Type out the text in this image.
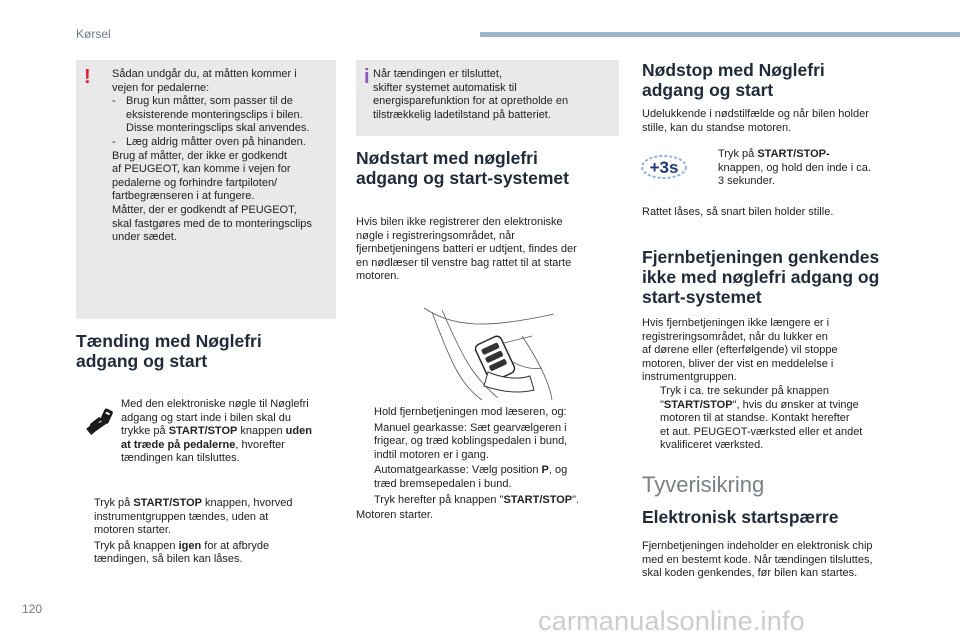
Kørsel
! Sådan undgår du, at måtten kommer i
vejen for pedalerne:
- Brug kun måtter, som passer til de
eksisterende monteringsclips i bilen.
Disse monteringsclips skal anvendes.
- Læg aldrig måtter oven på hinanden.
Brug af måtter, der ikke er godkendt
af PEUGEOT, kan komme i vejen for
pedalerne og forhindre fartpiloten/
fartbegrænseren i at fungere.
Måtter, der er godkendt af PEUGEOT,
skal fastgøres med de to monteringsclips
under sædet.
Tænding med Nøglefri
adgang og start
Med den elektroniske nøgle til Nøglefri
adgang og start inde i bilen skal du
trykke på START/STOP knappen uden
at træde på pedalerne, hvorefter
tændingen kan tilsluttes.
Tryk på START/STOP knappen, hvorved
instrumentgruppen tændes, uden at
motoren starter.
Tryk på knappen igen for at afbryde
tændingen, så bilen kan låses.
i Når tændingen er tilsluttet,
skifter systemet automatisk til
energisparefunktion for at opretholde en
tilstrækkelig ladetilstand på batteriet.
Nødstart med nøglefri
adgang og start-systemet
Hvis bilen ikke registrerer den elektroniske
nøgle i registreringsområdet, når
fjernbetjeningens batteri er udtjent, findes der
en nødlæser til venstre bag rattet til at starte
motoren.
Hold fjernbetjeningen mod læseren, og:
Manuel gearkasse: Sæt gearvælgeren i
frigear, og træd koblingspedalen i bund,
indtil motoren er i gang.
Automatgearkasse: Vælg position P, og
træd bremsepedalen i bund.
Tryk herefter på knappen "START/STOP".
Motoren starter.
Nødstop med Nøglefri
adgang og start
Udelukkende i nødstilfælde og når bilen holder
stille, kan du standse motoren.
+3s
Tryk på START/STOP-
knappen, og hold den inde i ca.
3 sekunder.
Rattet låses, så snart bilen holder stille.
Fjernbetjeningen genkendes
ikke med nøglefri adgang og
start-systemet
Hvis fjernbetjeningen ikke længere er i
registreringsområdet, når du lukker en
af dørene eller (efterfølgende) vil stoppe
motoren, bliver der vist en meddelelse i
instrumentgruppen.
Tryk i ca. tre sekunder på knappen
"START/STOP", hvis du ønsker at tvinge
motoren til at standse. Kontakt herefter
et aut. PEUGEOT-værksted eller et andet
kvalificeret værksted.
Tyverisikring
Elektronisk startspærre
Fjernbetjeningen indeholder en elektronisk chip
med en bestemt kode. Når tændingen tilsluttes,
skal koden genkendes, før bilen kan startes.
120	carmanualsonline.info
